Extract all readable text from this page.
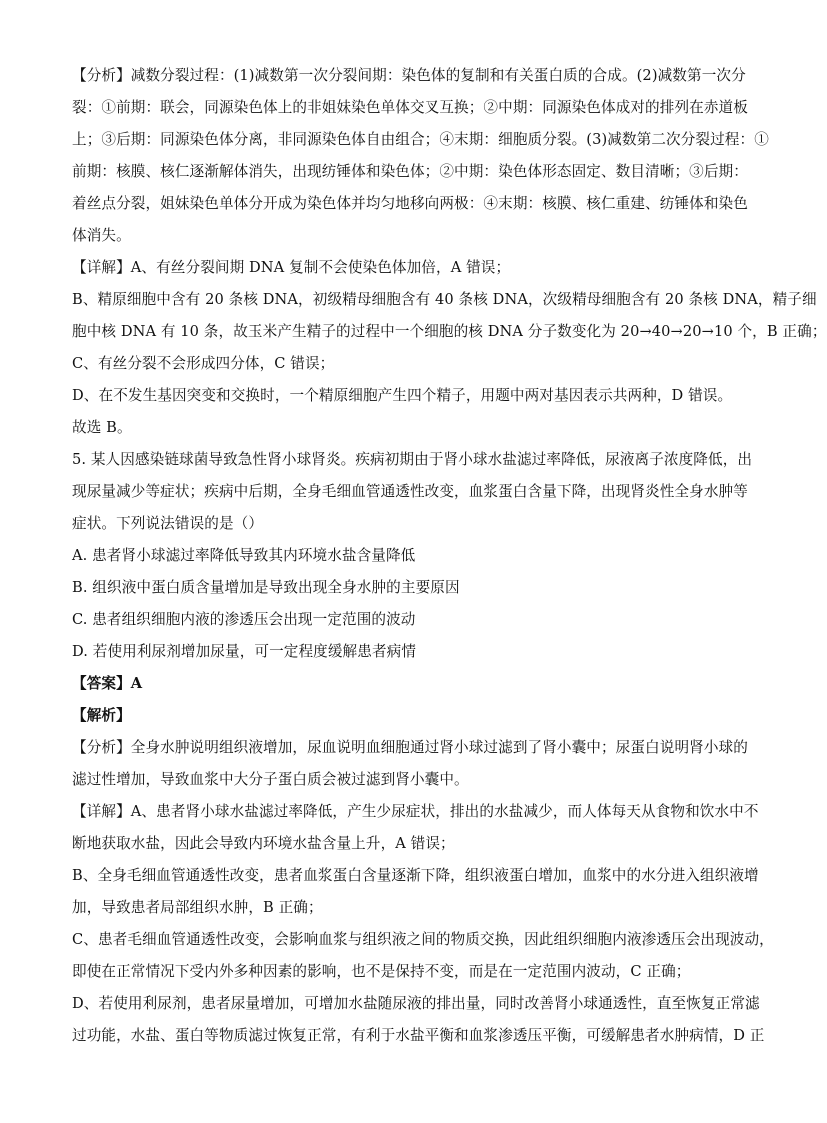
【分析】减数分裂过程：(1)减数第一次分裂间期：染色体的复制和有关蛋白质的合成。(2)减数第一次分
裂：①前期：联会，同源染色体上的非姐妹染色单体交叉互换；②中期：同源染色体成对的排列在赤道板
上；③后期：同源染色体分离，非同源染色体自由组合；④末期：细胞质分裂。(3)减数第二次分裂过程：①
前期：核膜、核仁逐渐解体消失，出现纺锤体和染色体；②中期：染色体形态固定、数目清晰；③后期：
着丝点分裂，姐妹染色单体分开成为染色体并均匀地移向两极：④末期：核膜、核仁重建、纺锤体和染色
体消失。
【详解】A、有丝分裂间期 DNA 复制不会使染色体加倍，A 错误；
B、精原细胞中含有 20 条核 DNA，初级精母细胞含有 40 条核 DNA，次级精母细胞含有 20 条核 DNA，精子细
胞中核 DNA 有 10 条，故玉米产生精子的过程中一个细胞的核 DNA 分子数变化为 20→40→20→10 个，B 正确；
C、有丝分裂不会形成四分体，C 错误；
D、在不发生基因突变和交换时，一个精原细胞产生四个精子，用题中两对基因表示共两种，D 错误。
故选 B。
5. 某人因感染链球菌导致急性肾小球肾炎。疾病初期由于肾小球水盐滤过率降低，尿液离子浓度降低，出
现尿量减少等症状；疾病中后期，全身毛细血管通透性改变，血浆蛋白含量下降，出现肾炎性全身水肿等
症状。下列说法错误的是（）
A. 患者肾小球滤过率降低导致其内环境水盐含量降低
B. 组织液中蛋白质含量增加是导致出现全身水肿的主要原因
C. 患者组织细胞内液的渗透压会出现一定范围的波动
D. 若使用利尿剂增加尿量，可一定程度缓解患者病情
【答案】A
【解析】
【分析】全身水肿说明组织液增加，尿血说明血细胞通过肾小球过滤到了肾小囊中；尿蛋白说明肾小球的
滤过性增加，导致血浆中大分子蛋白质会被过滤到肾小囊中。
【详解】A、患者肾小球水盐滤过率降低，产生少尿症状，排出的水盐减少，而人体每天从食物和饮水中不
断地获取水盐，因此会导致内环境水盐含量上升，A 错误；
B、全身毛细血管通透性改变，患者血浆蛋白含量逐渐下降，组织液蛋白增加，血浆中的水分进入组织液增
加，导致患者局部组织水肿，B 正确；
C、患者毛细血管通透性改变，会影响血浆与组织液之间的物质交换，因此组织细胞内液渗透压会出现波动，
即使在正常情况下受内外多种因素的影响，也不是保持不变，而是在一定范围内波动，C 正确；
D、若使用利尿剂，患者尿量增加，可增加水盐随尿液的排出量，同时改善肾小球通透性，直至恢复正常滤
过功能，水盐、蛋白等物质滤过恢复正常，有利于水盐平衡和血浆渗透压平衡，可缓解患者水肿病情，D 正
